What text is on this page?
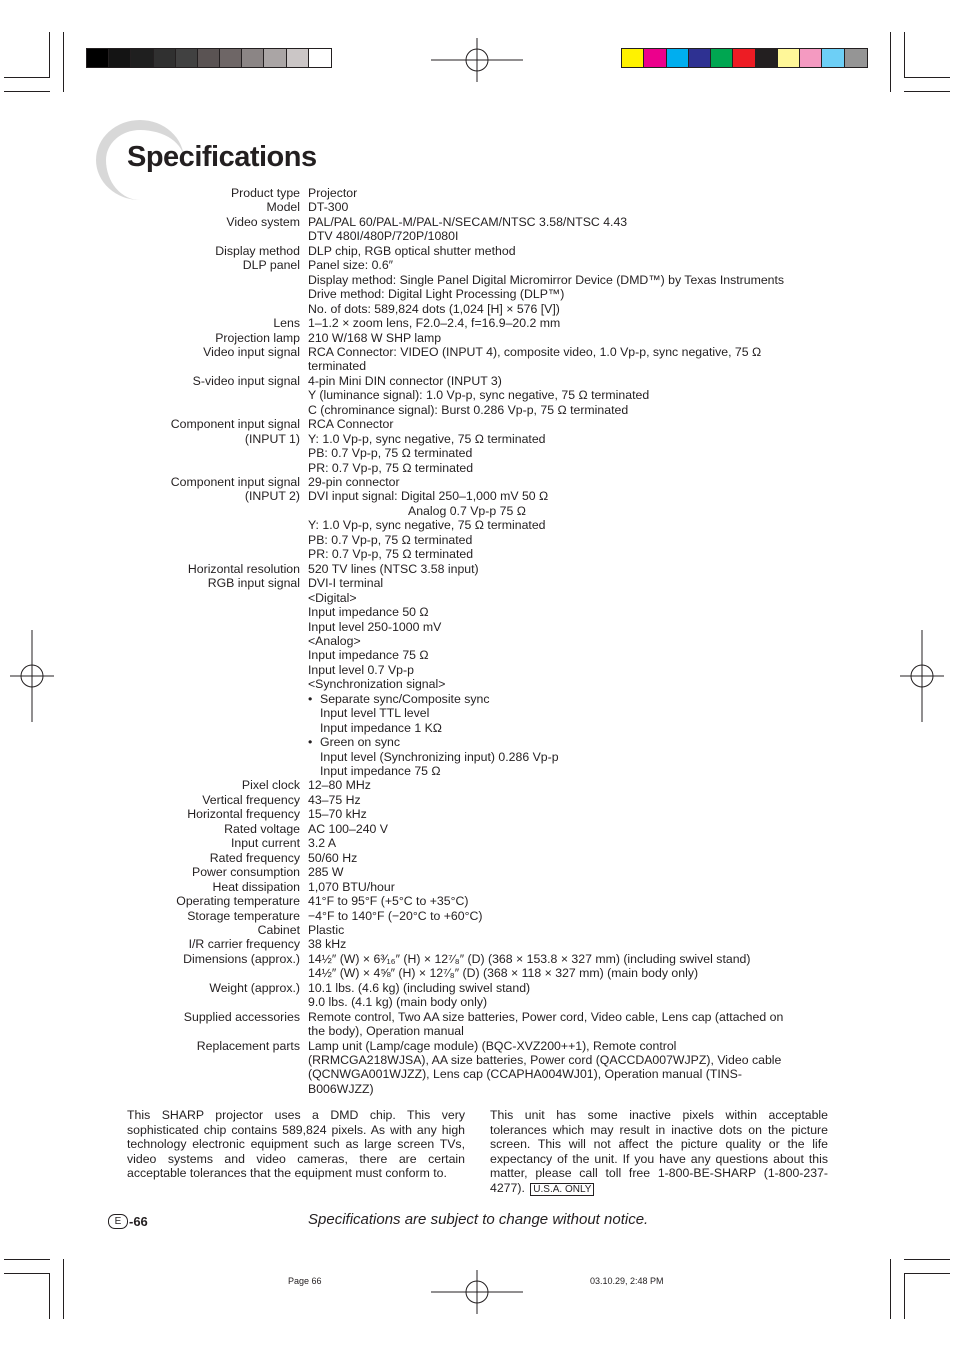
Specifications
Product type Projector
Model DT-300
Video system PAL/PAL 60/PAL-M/PAL-N/SECAM/NTSC 3.58/NTSC 4.43
DTV 480I/480P/720P/1080I
Display method DLP chip, RGB optical shutter method
DLP panel Panel size: 0.6″
Display method: Single Panel Digital Micromirror Device (DMD™) by Texas Instruments
Drive method: Digital Light Processing (DLP™)
No. of dots: 589,824 dots (1,024 [H] × 576 [V])
Lens 1–1.2 × zoom lens, F2.0–2.4, f=16.9–20.2 mm
Projection lamp 210 W/168 W SHP lamp
Video input signal RCA Connector: VIDEO (INPUT 4), composite video, 1.0 Vp-p, sync negative, 75 Ω
terminated
S-video input signal 4-pin Mini DIN connector (INPUT 3)
Y (luminance signal): 1.0 Vp-p, sync negative, 75 Ω terminated
C (chrominance signal): Burst 0.286 Vp-p, 75 Ω terminated
Component input signal RCA Connector
(INPUT 1) Y: 1.0 Vp-p, sync negative, 75 Ω terminated
PB: 0.7 Vp-p, 75 Ω terminated
PR: 0.7 Vp-p, 75 Ω terminated
Component input signal 29-pin connector
(INPUT 2) DVI input signal: Digital 250–1,000 mV 50 Ω
Analog 0.7 Vp-p 75 Ω
Y: 1.0 Vp-p, sync negative, 75 Ω terminated
PB: 0.7 Vp-p, 75 Ω terminated
PR: 0.7 Vp-p, 75 Ω terminated
Horizontal resolution 520 TV lines (NTSC 3.58 input)
RGB input signal DVI-I terminal
<Digital>
Input impedance 50 Ω
Input level 250-1000 mV
<Analog>
Input impedance 75 Ω
Input level 0.7 Vp-p
<Synchronization signal>
• Separate sync/Composite sync
Input level TTL level
Input impedance 1 KΩ
• Green on sync
Input level (Synchronizing input) 0.286 Vp-p
Input impedance 75 Ω
Pixel clock 12–80 MHz
Vertical frequency 43–75 Hz
Horizontal frequency 15–70 kHz
Rated voltage AC 100–240 V
Input current 3.2 A
Rated frequency 50/60 Hz
Power consumption 285 W
Heat dissipation 1,070 BTU/hour
Operating temperature 41°F to 95°F (+5°C to +35°C)
Storage temperature −4°F to 140°F (−20°C to +60°C)
Cabinet Plastic
I/R carrier frequency 38 kHz
Dimensions (approx.) 14½″ (W) × 6³⁄₁₆″ (H) × 12⁷⁄₈″ (D) (368 × 153.8 × 327 mm) (including swivel stand)
14½″ (W) × 4⅝″ (H) × 12⁷⁄₈″ (D) (368 × 118 × 327 mm) (main body only)
Weight (approx.) 10.1 lbs. (4.6 kg) (including swivel stand)
9.0 lbs. (4.1 kg) (main body only)
Supplied accessories Remote control, Two AA size batteries, Power cord, Video cable, Lens cap (attached on
the body), Operation manual
Replacement parts Lamp unit (Lamp/cage module) (BQC-XVZ200++1), Remote control
(RRMCGA218WJSA), AA size batteries, Power cord (QACCDA007WJPZ), Video cable
(QCNWGA001WJZZ), Lens cap (CCAPHA004WJ01), Operation manual (TINS-
B006WJZZ)
This SHARP projector uses a DMD chip. This very sophisticated chip contains 589,824 pixels. As with any high technology electronic equipment such as large screen TVs, video systems and video cameras, there are certain acceptable tolerances that the equipment must conform to.
This unit has some inactive pixels within acceptable tolerances which may result in inactive dots on the picture screen. This will not affect the picture quality or the life expectancy of the unit. If you have any questions about this matter, please call toll free 1-800-BE-SHARP (1-800-237-4277). U.S.A. ONLY
E -66	Specifications are subject to change without notice.
Page 66	03.10.29, 2:48 PM
